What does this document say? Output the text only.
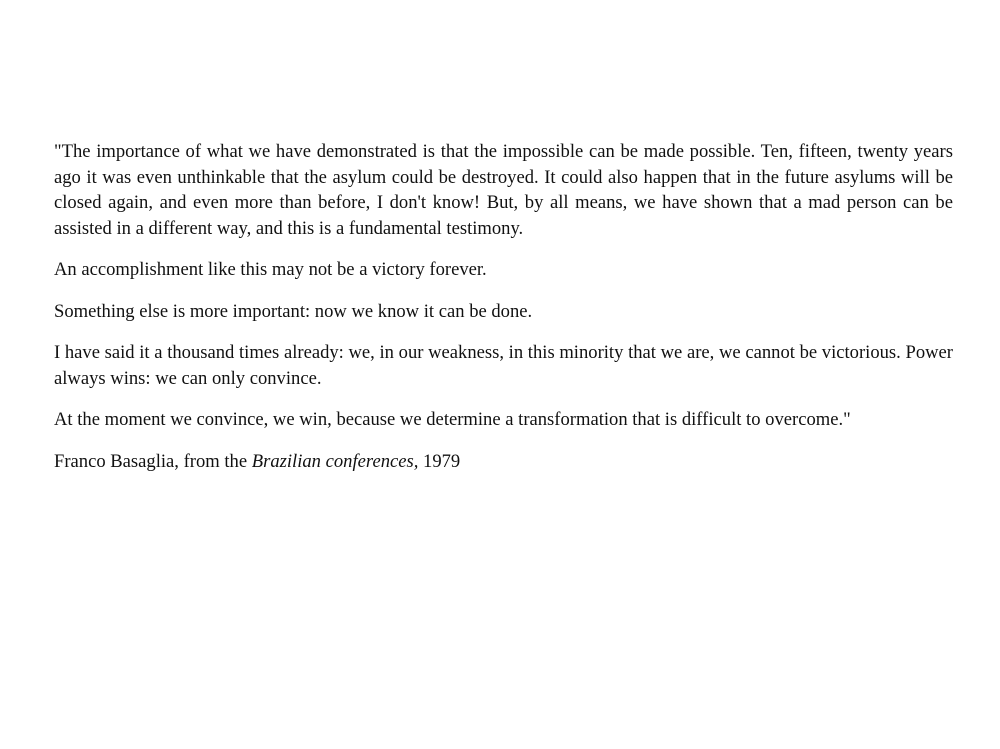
"The importance of what we have demonstrated is that the impossible can be made possible. Ten, fifteen, twenty years ago it was even unthinkable that the asylum could be destroyed. It could also happen that in the future asylums will be closed again, and even more than before, I don't know! But, by all means, we have shown that a mad person can be assisted in a different way, and this is a fundamental testimony.

An accomplishment like this may not be a victory forever.

Something else is more important: now we know it can be done.

I have said it a thousand times already: we, in our weakness, in this minority that we are, we cannot be victorious. Power always wins: we can only convince.

At the moment we convince, we win, because we determine a transformation that is difficult to overcome."

Franco Basaglia, from the Brazilian conferences, 1979
